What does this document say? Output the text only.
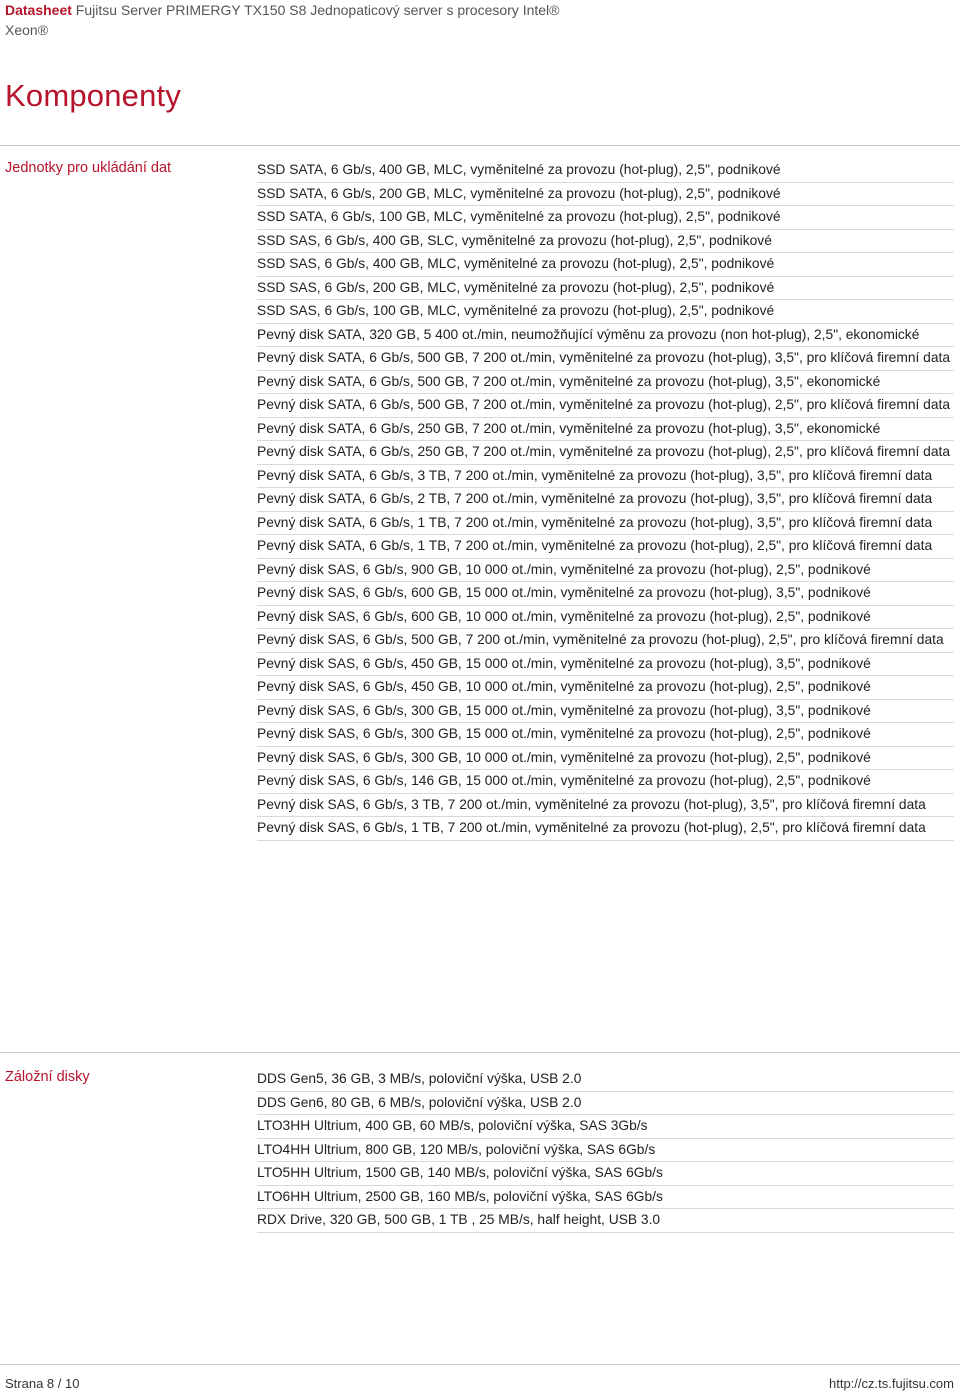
Datasheet Fujitsu Server PRIMERGY TX150 S8 Jednopaticový server s procesory Intel®
Xeon®
Komponenty
Jednotky pro ukládání dat	SSD SATA, 6 Gb/s, 400 GB, MLC, vyměnitelné za provozu (hot-plug), 2,5", podnikové
SSD SATA, 6 Gb/s, 200 GB, MLC, vyměnitelné za provozu (hot-plug), 2,5", podnikové
SSD SATA, 6 Gb/s, 100 GB, MLC, vyměnitelné za provozu (hot-plug), 2,5", podnikové
SSD SAS, 6 Gb/s, 400 GB, SLC, vyměnitelné za provozu (hot-plug), 2,5", podnikové
SSD SAS, 6 Gb/s, 400 GB, MLC, vyměnitelné za provozu (hot-plug), 2,5", podnikové
SSD SAS, 6 Gb/s, 200 GB, MLC, vyměnitelné za provozu (hot-plug), 2,5", podnikové
SSD SAS, 6 Gb/s, 100 GB, MLC, vyměnitelné za provozu (hot-plug), 2,5", podnikové
Pevný disk SATA, 320 GB, 5 400 ot./min, neumožňující výměnu za provozu (non hot-plug), 2,5", ekonomické
Pevný disk SATA, 6 Gb/s, 500 GB, 7 200 ot./min, vyměnitelné za provozu (hot-plug), 3,5", pro klíčová firemní data
Pevný disk SATA, 6 Gb/s, 500 GB, 7 200 ot./min, vyměnitelné za provozu (hot-plug), 3,5", ekonomické
Pevný disk SATA, 6 Gb/s, 500 GB, 7 200 ot./min, vyměnitelné za provozu (hot-plug), 2,5", pro klíčová firemní data
Pevný disk SATA, 6 Gb/s, 250 GB, 7 200 ot./min, vyměnitelné za provozu (hot-plug), 3,5", ekonomické
Pevný disk SATA, 6 Gb/s, 250 GB, 7 200 ot./min, vyměnitelné za provozu (hot-plug), 2,5", pro klíčová firemní data
Pevný disk SATA, 6 Gb/s, 3 TB, 7 200 ot./min, vyměnitelné za provozu (hot-plug), 3,5", pro klíčová firemní data
Pevný disk SATA, 6 Gb/s, 2 TB, 7 200 ot./min, vyměnitelné za provozu (hot-plug), 3,5", pro klíčová firemní data
Pevný disk SATA, 6 Gb/s, 1 TB, 7 200 ot./min, vyměnitelné za provozu (hot-plug), 3,5", pro klíčová firemní data
Pevný disk SATA, 6 Gb/s, 1 TB, 7 200 ot./min, vyměnitelné za provozu (hot-plug), 2,5", pro klíčová firemní data
Pevný disk SAS, 6 Gb/s, 900 GB, 10 000 ot./min, vyměnitelné za provozu (hot-plug), 2,5", podnikové
Pevný disk SAS, 6 Gb/s, 600 GB, 15 000 ot./min, vyměnitelné za provozu (hot-plug), 3,5", podnikové
Pevný disk SAS, 6 Gb/s, 600 GB, 10 000 ot./min, vyměnitelné za provozu (hot-plug), 2,5", podnikové
Pevný disk SAS, 6 Gb/s, 500 GB, 7 200 ot./min, vyměnitelné za provozu (hot-plug), 2,5", pro klíčová firemní data
Pevný disk SAS, 6 Gb/s, 450 GB, 15 000 ot./min, vyměnitelné za provozu (hot-plug), 3,5", podnikové
Pevný disk SAS, 6 Gb/s, 450 GB, 10 000 ot./min, vyměnitelné za provozu (hot-plug), 2,5", podnikové
Pevný disk SAS, 6 Gb/s, 300 GB, 15 000 ot./min, vyměnitelné za provozu (hot-plug), 3,5", podnikové
Pevný disk SAS, 6 Gb/s, 300 GB, 15 000 ot./min, vyměnitelné za provozu (hot-plug), 2,5", podnikové
Pevný disk SAS, 6 Gb/s, 300 GB, 10 000 ot./min, vyměnitelné za provozu (hot-plug), 2,5", podnikové
Pevný disk SAS, 6 Gb/s, 146 GB, 15 000 ot./min, vyměnitelné za provozu (hot-plug), 2,5", podnikové
Pevný disk SAS, 6 Gb/s, 3 TB, 7 200 ot./min, vyměnitelné za provozu (hot-plug), 3,5", pro klíčová firemní data
Pevný disk SAS, 6 Gb/s, 1 TB, 7 200 ot./min, vyměnitelné za provozu (hot-plug), 2,5", pro klíčová firemní data
Záložní disky	DDS Gen5, 36 GB, 3 MB/s, poloviční výška, USB 2.0
DDS Gen6, 80 GB, 6 MB/s, poloviční výška, USB 2.0
LTO3HH Ultrium, 400 GB, 60 MB/s, poloviční výška, SAS 3Gb/s
LTO4HH Ultrium, 800 GB, 120 MB/s, poloviční výška, SAS 6Gb/s
LTO5HH Ultrium, 1500 GB, 140 MB/s, poloviční výška, SAS 6Gb/s
LTO6HH Ultrium, 2500 GB, 160 MB/s, poloviční výška, SAS 6Gb/s
RDX Drive, 320 GB, 500 GB, 1 TB , 25 MB/s, half height, USB 3.0
Strana 8 / 10	http://cz.ts.fujitsu.com
